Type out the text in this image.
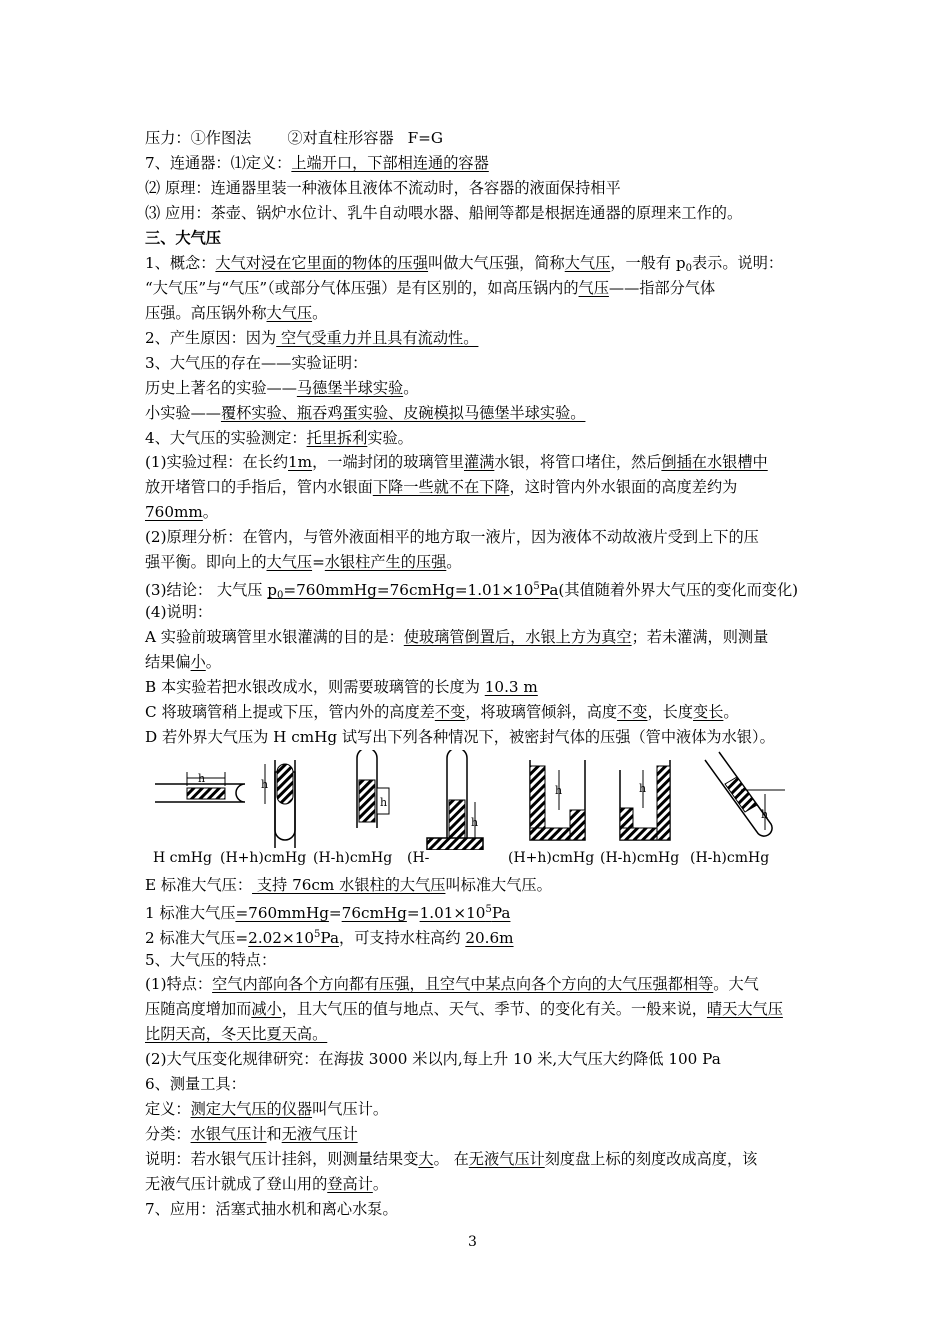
压力：①作图法 ②对直柱形容器 F=G
7、连通器：⑴定义：上端开口，下部相连通的容器
⑵ 原理：连通器里装一种液体且液体不流动时，各容器的液面保持相平
⑶ 应用：茶壶、锅炉水位计、乳牛自动喂水器、船闸等都是根据连通器的原理来工作的。
三、大气压
1、概念：大气对浸在它里面的物体的压强叫做大气压强，简称大气压，一般有 $p_0$表示。说明：
“大气压”与“气压”（或部分气体压强）是有区别的，如高压锅内的气压——指部分气体
压强。高压锅外称大气压。
2、产生原因：因为 空气受重力并且具有流动性。
3、大气压的存在——实验证明：
历史上著名的实验——马德堡半球实验。
小实验——覆杯实验、瓶吞鸡蛋实验、皮碗模拟马德堡半球实验。
4、大气压的实验测定：托里拆利实验。
(1)实验过程：在长约1m，一端封闭的玻璃管里灌满水银，将管口堵住，然后倒插在水银槽中
放开堵管口的手指后，管内水银面下降一些就不在下降，这时管内外水银面的高度差约为
760mm。
(2)原理分析：在管内，与管外液面相平的地方取一液片，因为液体不动故液片受到上下的压
强平衡。即向上的大气压=水银柱产生的压强。
(3)结论： 大气压 $p_0=760mmHg=76cmHg=1.01\times 10^5Pa$(其值随着外界大气压的变化而变化)
(4)说明：
A 实验前玻璃管里水银灌满的目的是：使玻璃管倒置后，水银上方为真空；若未灌满，则测量
结果偏小。
B 本实验若把水银改成水，则需要玻璃管的长度为 10.3 m
C 将玻璃管稍上提或下压，管内外的高度差不变，将玻璃管倾斜，高度不变，长度变长。
D 若外界大气压为 H cmHg 试写出下列各种情况下，被密封气体的压强（管中液体为水银）。
h	h
h
h
h	h
h
H cmHg (H+h)cmHg (H-h)cmHg (H-	(H+h)cmHg (H-h)cmHg (H-h)cmHg
E 标准大气压： 支持 76cm 水银柱的大气压叫标准大气压。
1 标准大气压$=760mmHg=76cmHg=1.01\times 10^5Pa$
2 标准大气压$=2.02\times 10^5Pa$，可支持水柱高约 20.6m
5、大气压的特点：
(1)特点：空气内部向各个方向都有压强，且空气中某点向各个方向的大气压强都相等。大气
压随高度增加而减小，且大气压的值与地点、天气、季节、的变化有关。一般来说，晴天大气压
比阴天高，冬天比夏天高。
(2)大气压变化规律研究：在海拔 3000 米以内,每上升 10 米,大气压大约降低 100 Pa
6、测量工具：
定义：测定大气压的仪器叫气压计。
分类：水银气压计和无液气压计
说明：若水银气压计挂斜，则测量结果变大。 在无液气压计刻度盘上标的刻度改成高度，该
无液气压计就成了登山用的登高计。
7、应用：活塞式抽水机和离心水泵。
3
